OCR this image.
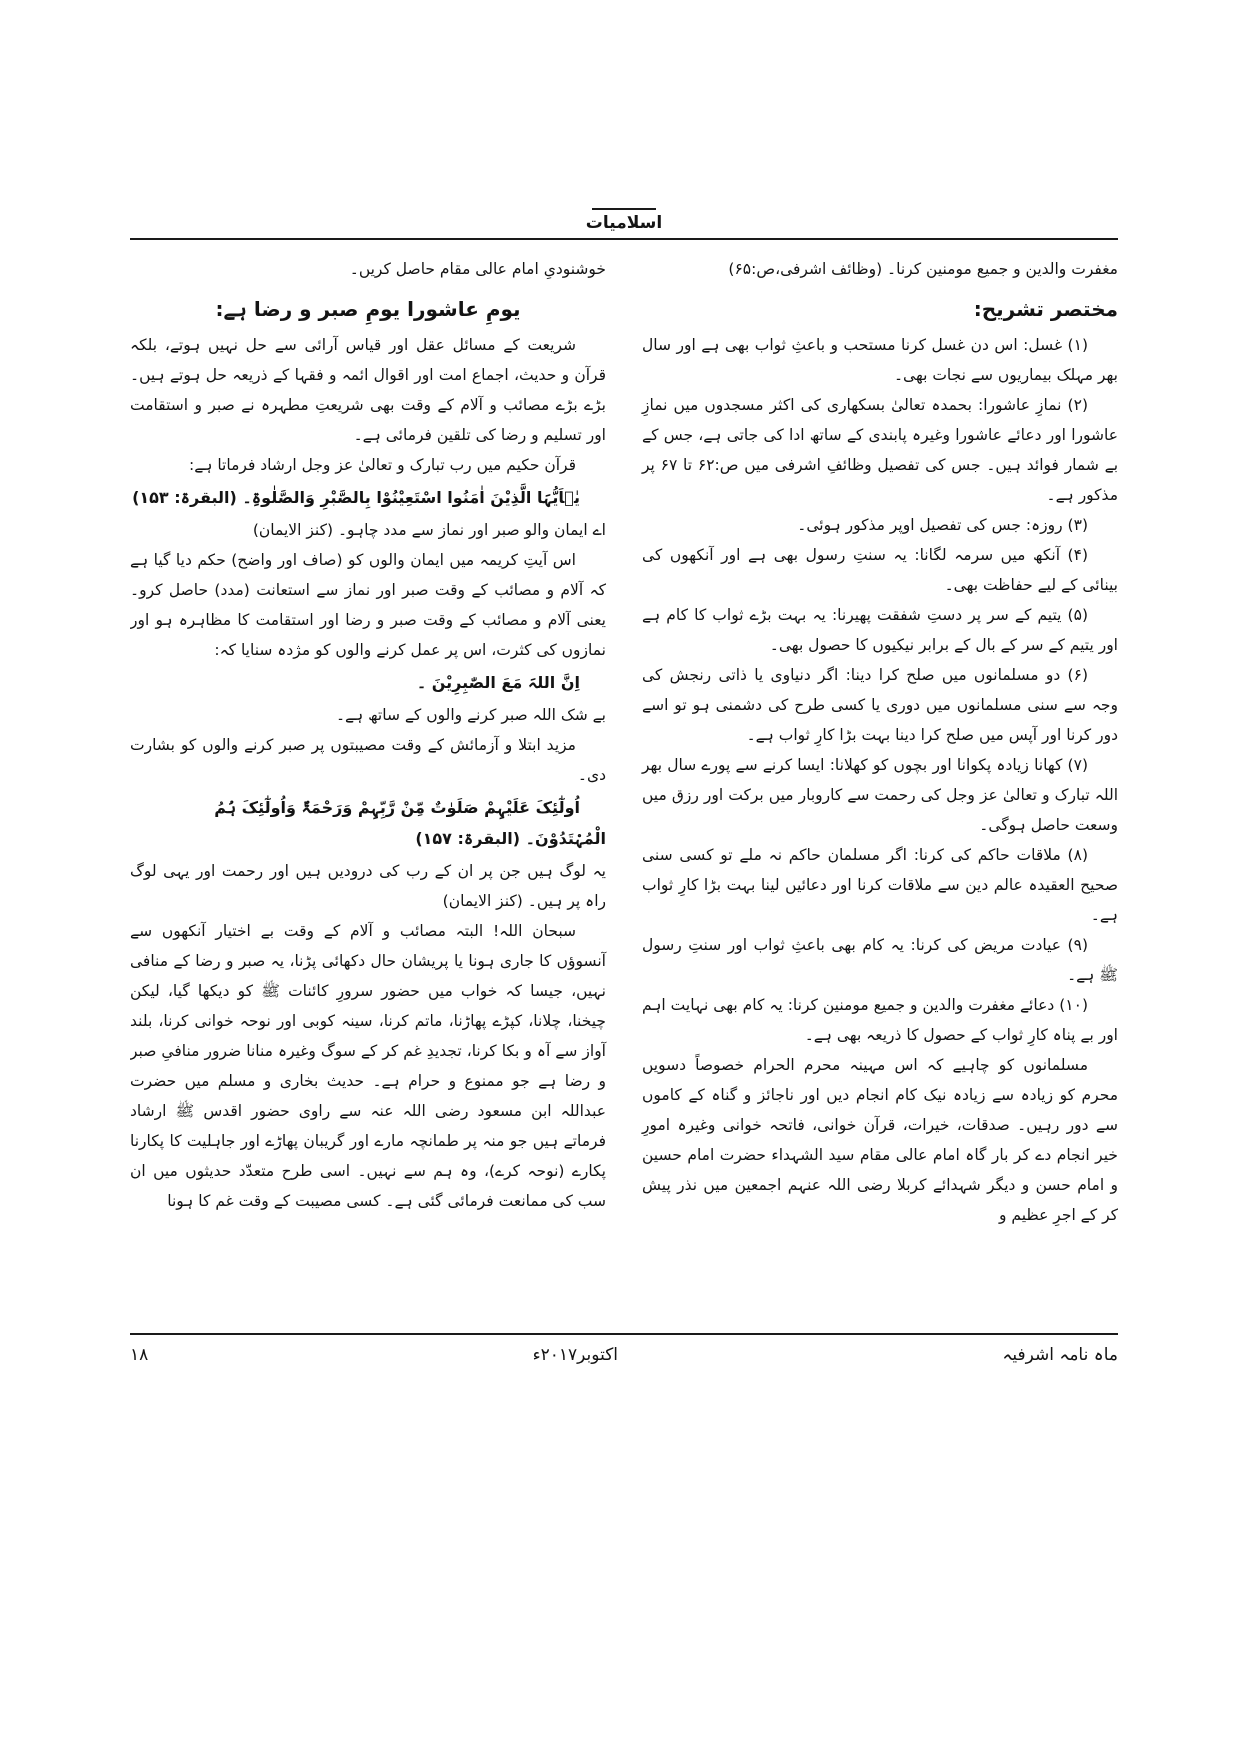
اسلامیات

مغفرت والدین و جمیع مومنین کرنا۔ (وظائف اشرفی،ص:۶۵)

مختصر تشریح:

(۱) غسل: اس دن غسل کرنا مستحب و باعثِ ثواب بھی ہے اور سال بھر مہلک بیماریوں سے نجات بھی۔

(۲) نمازِ عاشورا: بحمدہ تعالیٰ بسکھاری کی اکثر مسجدوں میں نمازِ عاشورا اور دعائے عاشورا وغیرہ پابندی کے ساتھ ادا کی جاتی ہے، جس کے بے شمار فوائد ہیں۔ جس کی تفصیل وظائفِ اشرفی میں ص:۶۲ تا ۶۷ پر مذکور ہے۔

(۳) روزہ: جس کی تفصیل اوپر مذکور ہوئی۔

(۴) آنکھ میں سرمہ لگانا: یہ سنتِ رسول بھی ہے اور آنکھوں کی بینائی کے لیے حفاظت بھی۔

(۵) یتیم کے سر پر دستِ شفقت پھیرنا: یہ بہت بڑے ثواب کا کام ہے اور یتیم کے سر کے بال کے برابر نیکیوں کا حصول بھی۔

(۶) دو مسلمانوں میں صلح کرا دینا: اگر دنیاوی یا ذاتی رنجش کی وجہ سے سنی مسلمانوں میں دوری یا کسی طرح کی دشمنی ہو تو اسے دور کرنا اور آپس میں صلح کرا دینا بہت بڑا کارِ ثواب ہے۔

(۷) کھانا زیادہ پکوانا اور بچوں کو کھلانا: ایسا کرنے سے پورے سال بھر اللہ تبارک و تعالیٰ عز وجل کی رحمت سے کاروبار میں برکت اور رزق میں وسعت حاصل ہوگی۔

(۸) ملاقات حاکم کی کرنا: اگر مسلمان حاکم نہ ملے تو کسی سنی صحیح العقیدہ عالم دین سے ملاقات کرنا اور دعائیں لینا بہت بڑا کارِ ثواب ہے۔

(۹) عیادت مریض کی کرنا: یہ کام بھی باعثِ ثواب اور سنتِ رسول ﷺ ہے۔

(۱۰) دعائے مغفرت والدین و جمیع مومنین کرنا: یہ کام بھی نہایت اہم اور بے پناہ کارِ ثواب کے حصول کا ذریعہ بھی ہے۔

مسلمانوں کو چاہیے کہ اس مہینہ محرم الحرام خصوصاً دسویں محرم کو زیادہ سے زیادہ نیک کام انجام دیں اور ناجائز و گناہ کے کاموں سے دور رہیں۔ صدقات، خیرات، قرآن خوانی، فاتحہ خوانی وغیرہ امورِ خیر انجام دے کر بار گاہ امام عالی مقام سید الشہداء حضرت امام حسین و امام حسن و دیگر شہدائے کربلا رضی اللہ عنہم اجمعین میں نذر پیش کر کے اجرِ عظیم و

خوشنودیِ امام عالی مقام حاصل کریں۔

یومِ عاشورا یومِ صبر و رضا ہے:

شریعت کے مسائل عقل اور قیاس آرائی سے حل نہیں ہوتے، بلکہ قرآن و حدیث، اجماع امت اور اقوال ائمہ و فقہا کے ذریعہ حل ہوتے ہیں۔ بڑے بڑے مصائب و آلام کے وقت بھی شریعتِ مطہرہ نے صبر و استقامت اور تسلیم و رضا کی تلقین فرمائی ہے۔

قرآن حکیم میں رب تبارک و تعالیٰ عز وجل ارشاد فرماتا ہے:

یٰۤاَیُّہَا الَّذِیْنَ اٰمَنُوا اسْتَعِیْنُوْا بِالصَّبْرِ وَالصَّلٰوۃِ۔ (البقرۃ: ۱۵۳)

اے ایمان والو صبر اور نماز سے مدد چاہو۔ (کنز الایمان)

اس آیتِ کریمہ میں ایمان والوں کو (صاف اور واضح) حکم دیا گیا ہے کہ آلام و مصائب کے وقت صبر اور نماز سے استعانت (مدد) حاصل کرو۔ یعنی آلام و مصائب کے وقت صبر و رضا اور استقامت کا مظاہرہ ہو اور نمازوں کی کثرت، اس پر عمل کرنے والوں کو مژدہ سنایا کہ:

اِنَّ اللہَ مَعَ الصّٰبِرِیْنَ ۔

بے شک اللہ صبر کرنے والوں کے ساتھ ہے۔

مزید ابتلا و آزمائش کے وقت مصیبتوں پر صبر کرنے والوں کو بشارت دی۔

اُولٰٓئِکَ عَلَیْہِمْ صَلَوٰتٌ مِّنْ رَّبِّہِمْ وَرَحْمَۃٌ وَاُولٰٓئِکَ ہُمُ الْمُہْتَدُوْنَ۔ (البقرۃ: ۱۵۷)

یہ لوگ ہیں جن پر ان کے رب کی درودیں ہیں اور رحمت اور یہی لوگ راہ پر ہیں۔ (کنز الایمان)

سبحان اللہ! البتہ مصائب و آلام کے وقت بے اختیار آنکھوں سے آنسوؤں کا جاری ہونا یا پریشان حال دکھائی پڑنا، یہ صبر و رضا کے منافی نہیں، جیسا کہ خواب میں حضور سرورِ کائنات ﷺ کو دیکھا گیا، لیکن چیخنا، چلانا، کپڑے پھاڑنا، ماتم کرنا، سینہ کوبی اور نوحہ خوانی کرنا، بلند آواز سے آہ و بکا کرنا، تجدیدِ غم کر کے سوگ وغیرہ منانا ضرور منافیِ صبر و رضا ہے جو ممنوع و حرام ہے۔ حدیث بخاری و مسلم میں حضرت عبداللہ ابن مسعود رضی اللہ عنہ سے راوی حضور اقدس ﷺ ارشاد فرماتے ہیں جو منہ پر طمانچہ مارے اور گریبان پھاڑے اور جاہلیت کا پکارنا پکارے (نوحہ کرے)، وہ ہم سے نہیں۔ اسی طرح متعدّد حدیثوں میں ان سب کی ممانعت فرمائی گئی ہے۔ کسی مصیبت کے وقت غم کا ہونا

ماہ نامہ اشرفیہ
اکتوبر۲۰۱۷ء
۱۸
